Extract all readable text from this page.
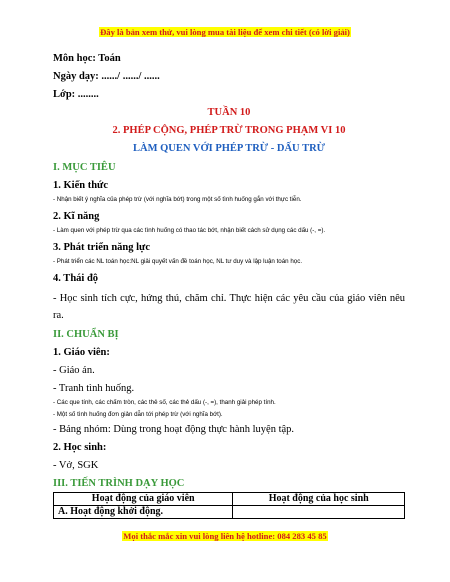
Đây là bản xem thử, vui lòng mua tài liệu để xem chi tiết (có lời giải)

Môn học: Toán

Ngày dạy: ....../ ....../ ......

Lớp: ........

TUẦN 10

2. PHÉP CỘNG, PHÉP TRỪ TRONG PHẠM VI 10

LÀM QUEN VỚI PHÉP TRỪ - DẤU TRỪ

I. MỤC TIÊU

1. Kiến thức

- Nhận biết ý nghĩa của phép trừ (với nghĩa bớt) trong một số tình huống gắn với thực tiễn.

2. Kĩ năng

- Làm quen với phép trừ qua các tình huống có thao tác bớt, nhận biết cách sử dụng các dấu (-, =).

3. Phát triển năng lực

- Phát triển các NL toán học:NL giải quyết vấn đề toán học, NL tư duy và lập luận toán học.

4. Thái độ

- Học sinh tích cực, hứng thú, chăm chỉ. Thực hiện các yêu cầu của giáo viên nêu ra.

II. CHUẨN BỊ

1. Giáo viên:

- Giáo án.

- Tranh tình huống.

- Các que tính, các chấm tròn, các thẻ số, các thẻ dấu (-, =), thanh giải phép tính.

- Một số tình huống đơn giản dẫn tới phép trừ (với nghĩa bớt).

- Bảng nhóm: Dùng trong hoạt động thực hành luyện tập.

2. Học sinh:

- Vở, SGK

III. TIẾN TRÌNH DẠY HỌC

Hoạt động của giáo viên	Hoạt động của học sinh
A. Hoạt động khởi động.	
Mọi thắc mắc xin vui lòng liên hệ hotline: 084 283 45 85
